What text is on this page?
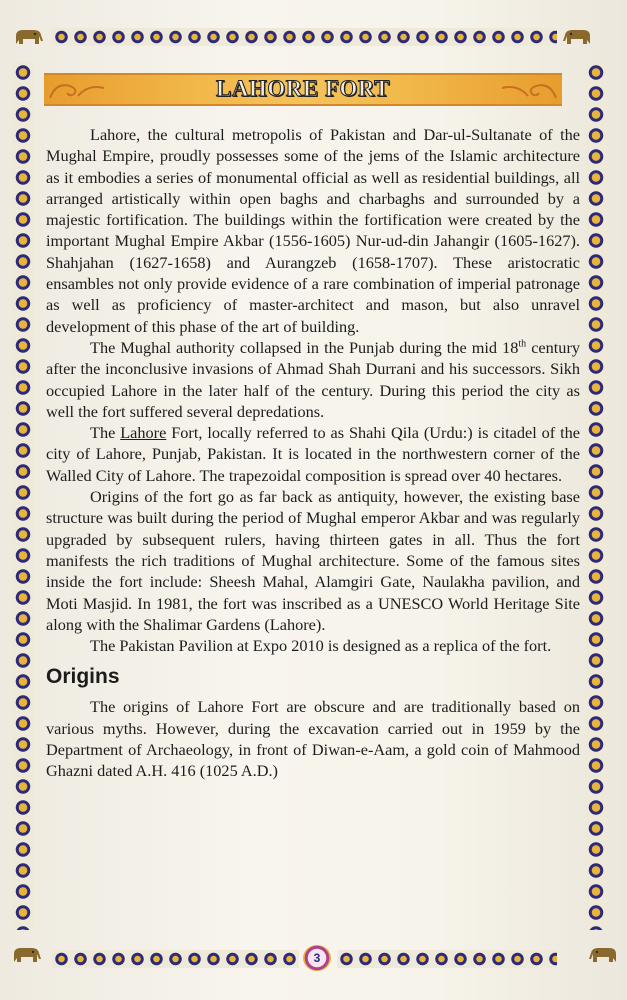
3
LAHORE FORT

Lahore, the cultural metropolis of Pakistan and Dar-ul-Sultanate of the Mughal Empire, proudly possesses some of the jems of the Islamic architecture as it embodies a series of monumental official as well as residential buildings, all arranged artistically within open baghs and charbaghs and surrounded by a majestic fortification. The buildings within the fortification were created by the important Mughal Empire Akbar (1556-1605) Nur-ud-din Jahangir (1605-1627). Shahjahan (1627-1658) and Aurangzeb (1658-1707). These aristocratic ensambles not only provide evidence of a rare combination of imperial patronage as well as proficiency of master-architect and mason, but also unravel development of this phase of the art of building.

The Mughal authority collapsed in the Punjab during the mid 18th century after the inconclusive invasions of Ahmad Shah Durrani and his successors. Sikh occupied Lahore in the later half of the century. During this period the city as well the fort suffered several depredations.

The Lahore Fort, locally referred to as Shahi Qila (Urdu:) is citadel of the city of Lahore, Punjab, Pakistan. It is located in the northwestern corner of the Walled City of Lahore. The trapezoidal composition is spread over 40 hectares.

Origins of the fort go as far back as antiquity, however, the existing base structure was built during the period of Mughal emperor Akbar and was regularly upgraded by subsequent rulers, having thirteen gates in all. Thus the fort manifests the rich traditions of Mughal architecture. Some of the famous sites inside the fort include: Sheesh Mahal, Alamgiri Gate, Naulakha pavilion, and Moti Masjid. In 1981, the fort was inscribed as a UNESCO World Heritage Site along with the Shalimar Gardens (Lahore).

The Pakistan Pavilion at Expo 2010 is designed as a replica of the fort.

Origins

The origins of Lahore Fort are obscure and are traditionally based on various myths. However, during the excavation carried out in 1959 by the Department of Archaeology, in front of Diwan-e-Aam, a gold coin of Mahmood Ghazni dated A.H. 416 (1025 A.D.)
